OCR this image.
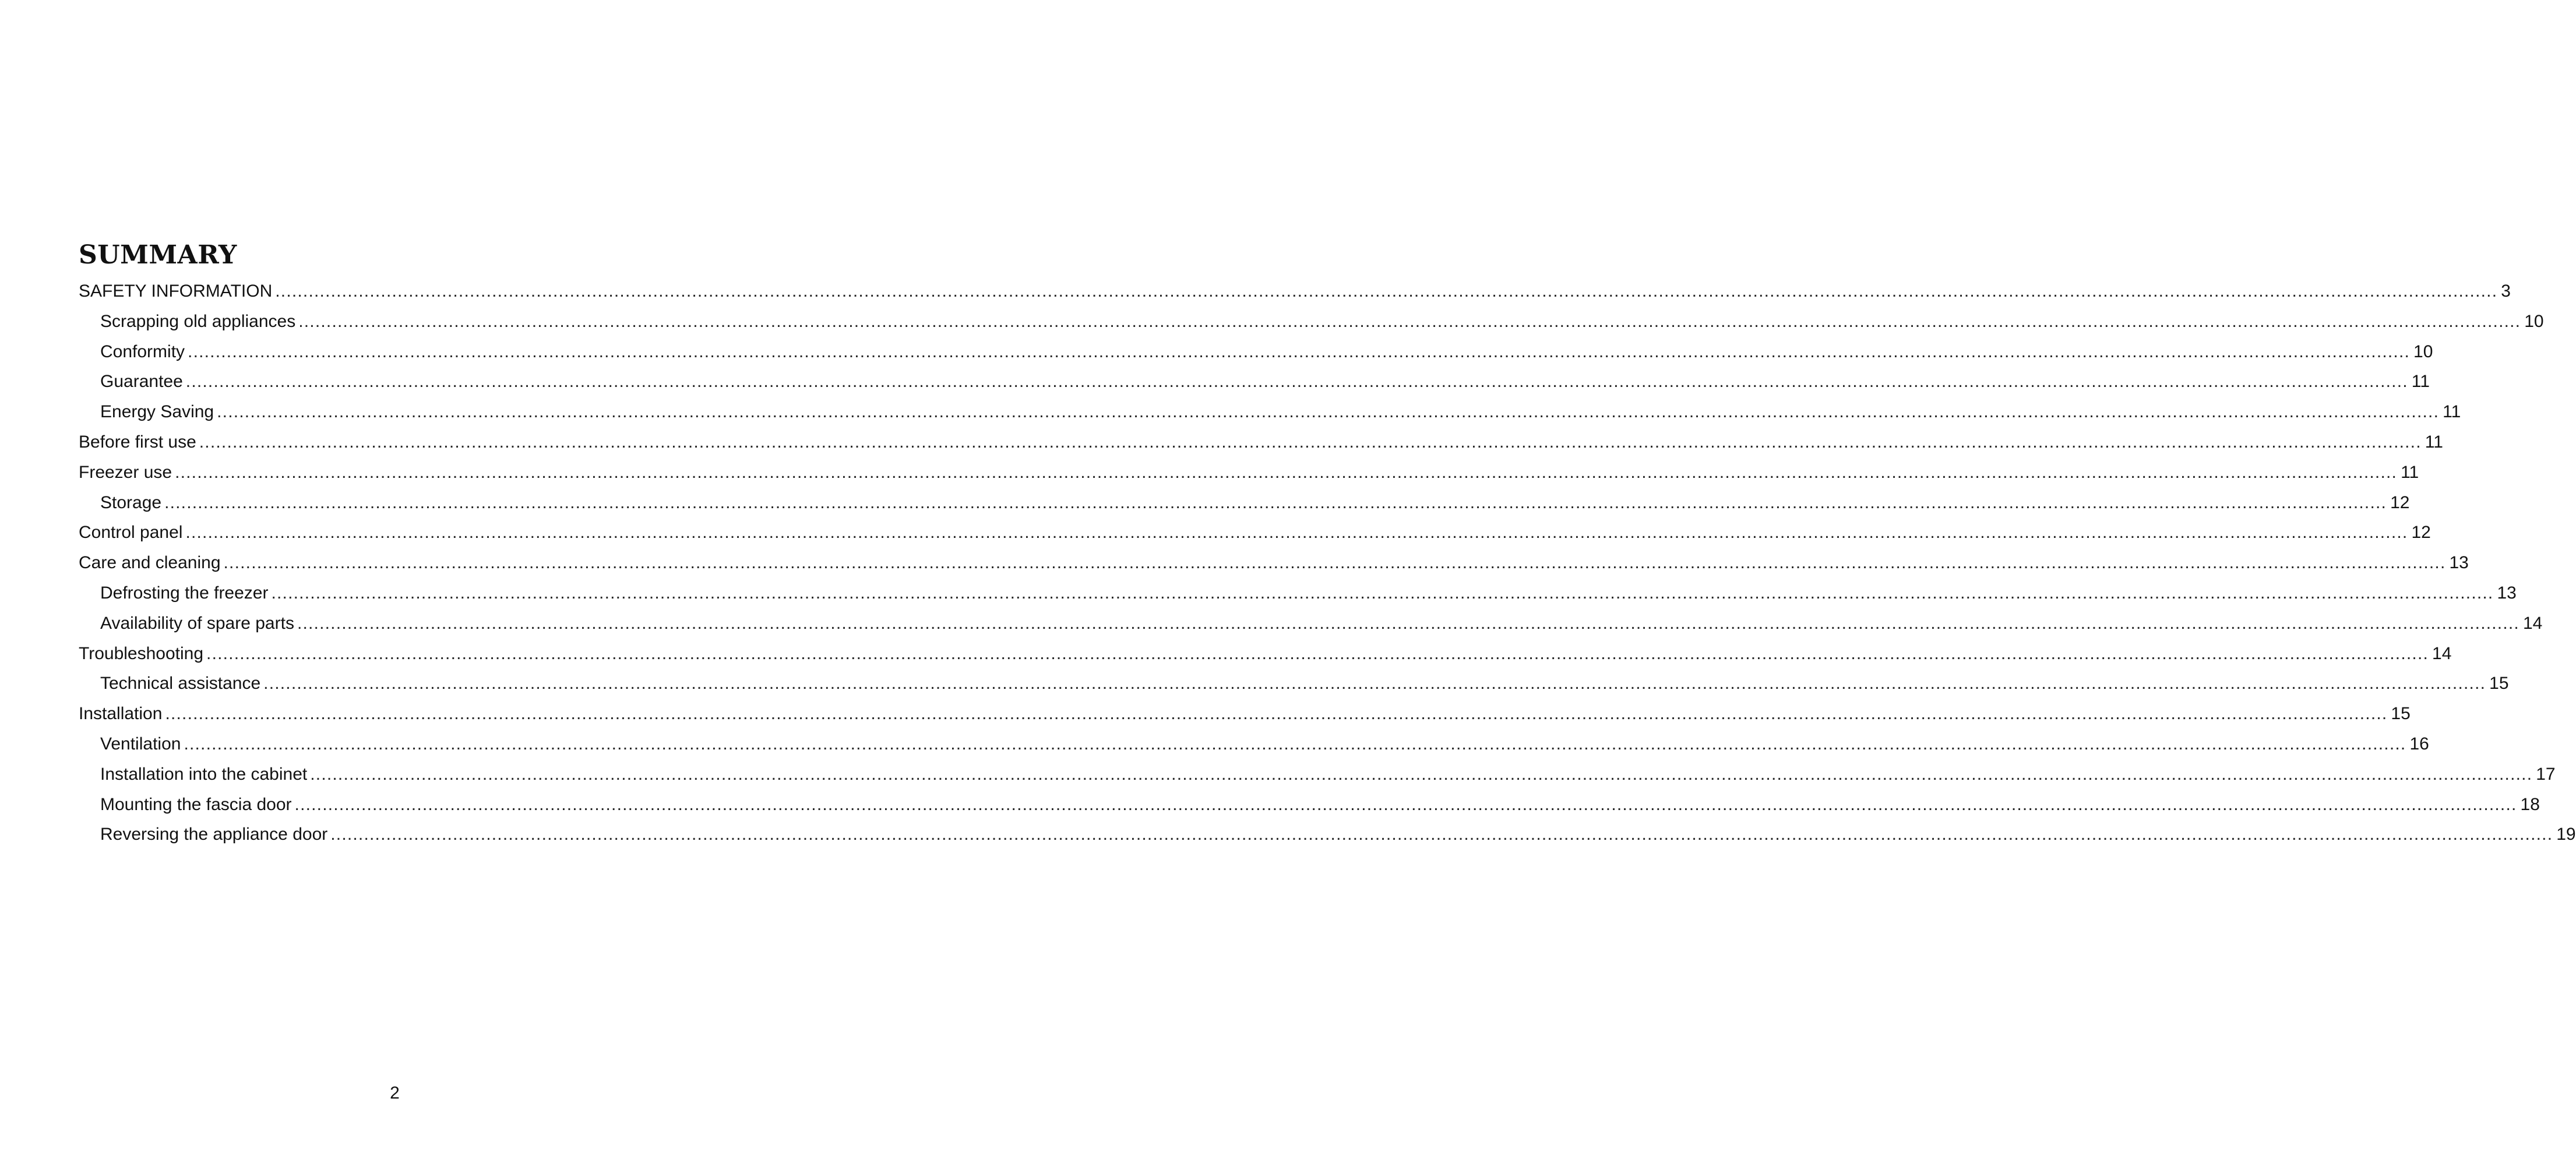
SUMMARY
SAFETY INFORMATION ................................................................................................................................................................................................................................................................................................................................................................................................................ 3
Scrapping old appliances ................................................................................................................................................................................................................................................................................................................................................................................................................ 10
Conformity ................................................................................................................................................................................................................................................................................................................................................................................................................ 10
Guarantee ................................................................................................................................................................................................................................................................................................................................................................................................................ 11
Energy Saving ................................................................................................................................................................................................................................................................................................................................................................................................................ 11
Before first use ................................................................................................................................................................................................................................................................................................................................................................................................................ 11
Freezer use ................................................................................................................................................................................................................................................................................................................................................................................................................ 11
Storage ................................................................................................................................................................................................................................................................................................................................................................................................................ 12
Control panel ................................................................................................................................................................................................................................................................................................................................................................................................................ 12
Care and cleaning ................................................................................................................................................................................................................................................................................................................................................................................................................ 13
Defrosting the freezer ................................................................................................................................................................................................................................................................................................................................................................................................................ 13
Availability of spare parts ................................................................................................................................................................................................................................................................................................................................................................................................................ 14
Troubleshooting ................................................................................................................................................................................................................................................................................................................................................................................................................ 14
Technical assistance ................................................................................................................................................................................................................................................................................................................................................................................................................ 15
Installation ................................................................................................................................................................................................................................................................................................................................................................................................................ 15
Ventilation ................................................................................................................................................................................................................................................................................................................................................................................................................ 16
Installation into the cabinet ................................................................................................................................................................................................................................................................................................................................................................................................................ 17
Mounting the fascia door ................................................................................................................................................................................................................................................................................................................................................................................................................ 18
Reversing the appliance door ................................................................................................................................................................................................................................................................................................................................................................................................................ 19
2
